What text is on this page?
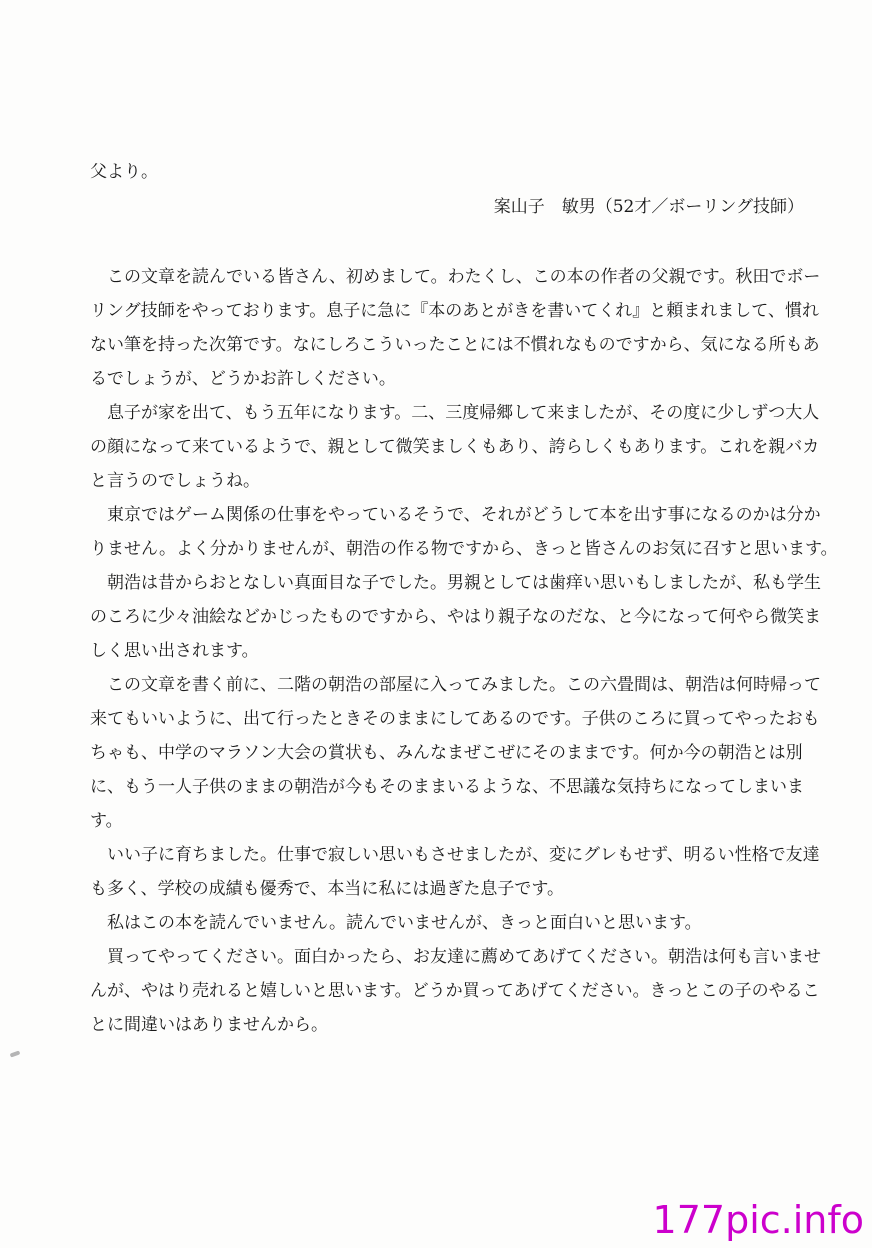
父より。
案山子　敏男（52才／ボーリング技師）
この文章を読んでいる皆さん、初めまして。わたくし、この本の作者の父親です。秋田でボー
リング技師をやっております。息子に急に『本のあとがきを書いてくれ』と頼まれまして、慣れ
ない筆を持った次第です。なにしろこういったことには不慣れなものですから、気になる所もあ
るでしょうが、どうかお許しください。
息子が家を出て、もう五年になります。二、三度帰郷して来ましたが、その度に少しずつ大人
の顔になって来ているようで、親として微笑ましくもあり、誇らしくもあります。これを親バカ
と言うのでしょうね。
東京ではゲーム関係の仕事をやっているそうで、それがどうして本を出す事になるのかは分か
りません。よく分かりませんが、朝浩の作る物ですから、きっと皆さんのお気に召すと思います。
朝浩は昔からおとなしい真面目な子でした。男親としては歯痒い思いもしましたが、私も学生
のころに少々油絵などかじったものですから、やはり親子なのだな、と今になって何やら微笑ま
しく思い出されます。
この文章を書く前に、二階の朝浩の部屋に入ってみました。この六畳間は、朝浩は何時帰って
来てもいいように、出て行ったときそのままにしてあるのです。子供のころに買ってやったおも
ちゃも、中学のマラソン大会の賞状も、みんなまぜこぜにそのままです。何か今の朝浩とは別
に、もう一人子供のままの朝浩が今もそのままいるような、不思議な気持ちになってしまいま
す。
いい子に育ちました。仕事で寂しい思いもさせましたが、変にグレもせず、明るい性格で友達
も多く、学校の成績も優秀で、本当に私には過ぎた息子です。
私はこの本を読んでいません。読んでいませんが、きっと面白いと思います。
買ってやってください。面白かったら、お友達に薦めてあげてください。朝浩は何も言いませ
んが、やはり売れると嬉しいと思います。どうか買ってあげてください。きっとこの子のやるこ
とに間違いはありませんから。
177pic.info
